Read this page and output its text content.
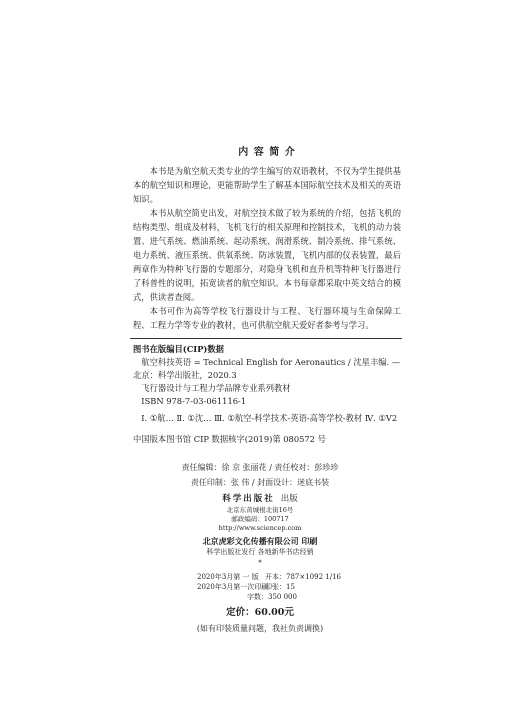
内 容 简 介

本书是为航空航天类专业的学生编写的双语教材，不仅为学生提供基本的航空知识和理论，更能帮助学生了解基本国际航空技术及相关的英语知识。

本书从航空简史出发，对航空技术做了较为系统的介绍，包括飞机的结构类型、组成及材料，飞机飞行的相关原理和控制技术，飞机的动力装置、进气系统、燃油系统、起动系统、润滑系统、制冷系统、排气系统、电力系统、液压系统、供氧系统、防冰装置，飞机内部的仪表装置，最后两章作为特种飞行器的专题部分，对隐身飞机和直升机等特种飞行器进行了科普性的说明，拓宽读者的航空知识。本书每章都采取中英文结合的模式，供读者查阅。

本书可作为高等学校飞行器设计与工程、飞行器环境与生命保障工程、工程力学等专业的教材，也可供航空航天爱好者参考与学习。

图书在版编目(CIP)数据
航空科技英语 = Technical English for Aeronautics / 沈星丰编. —北京：科学出版社，2020.3
飞行器设计与工程力学品牌专业系列教材
ISBN 978-7-03-061116-1
Ⅰ. ①航… Ⅱ. ①沈… Ⅲ. ①航空-科学技术-英语-高等学校-教材 Ⅳ. ①V2
中国版本图书馆 CIP 数据核字(2019)第 080572 号
责任编辑：徐 京 张丽花 / 责任校对：彭珍珍
责任印制：张 伟 / 封面设计：迷底书装
科学出版社 出版
北京东黄城根北街16号
邮政编码：100717
http://www.sciencep.com
北京虎彩文化传播有限公司 印刷
科学出版社发行 各地新华书店经销
*
2020年3月第 一 版 开本：787×1092 1/16
2020年3月第一次印刷
印张：15
字数：350 000
定价：60.00元
(如有印装质量问题，我社负责调换)
